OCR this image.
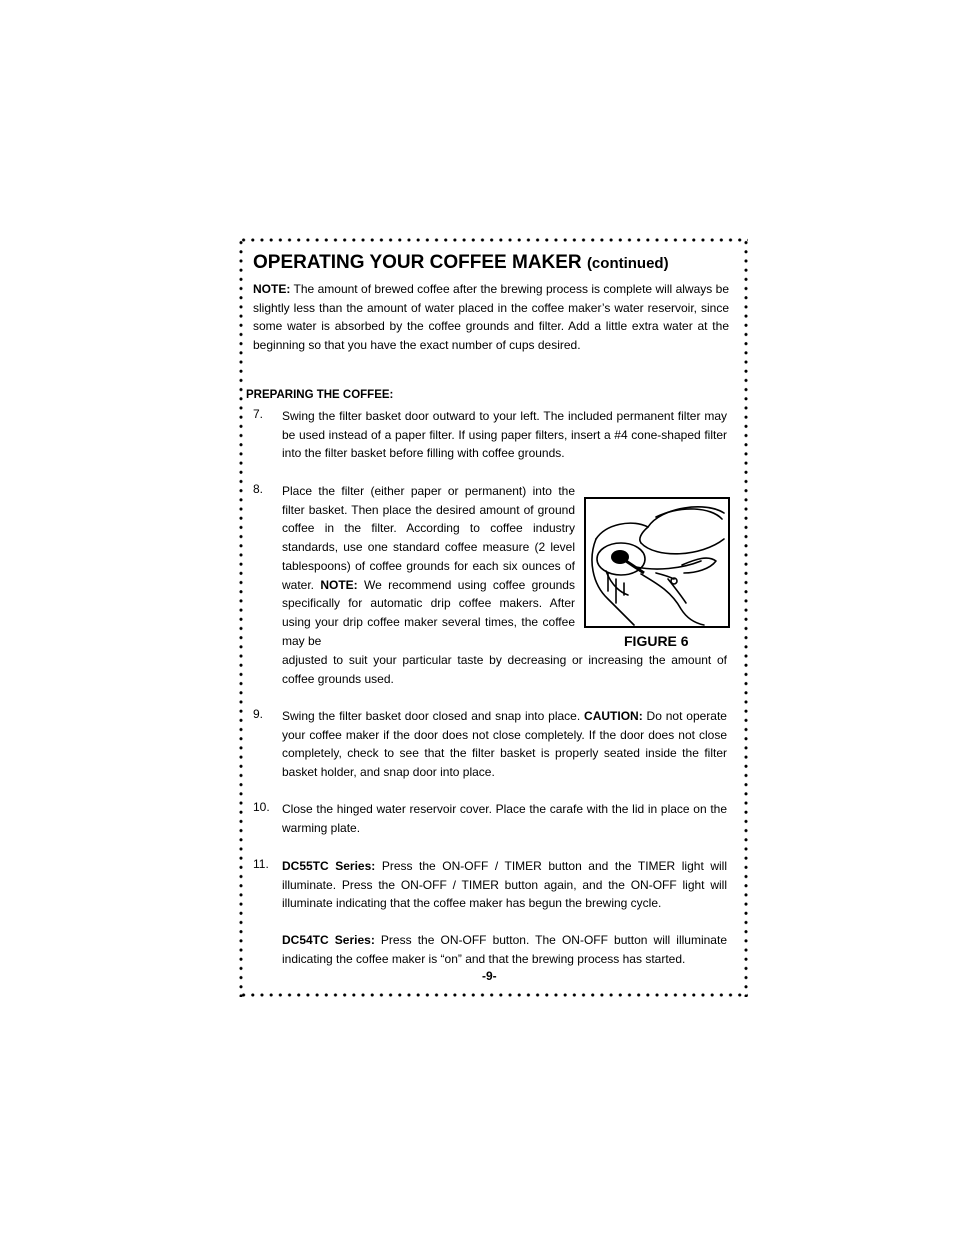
OPERATING YOUR COFFEE MAKER (continued)
NOTE: The amount of brewed coffee after the brewing process is complete will always be slightly less than the amount of water placed in the coffee maker’s water reservoir, since some water is absorbed by the coffee grounds and filter. Add a little extra water at the beginning so that you have the exact number of cups desired.
PREPARING THE COFFEE:
7. Swing the filter basket door outward to your left. The included permanent filter may be used instead of a paper filter. If using paper filters, insert a #4 cone-shaped filter into the filter basket before filling with coffee grounds.
8. Place the filter (either paper or permanent) into the filter basket. Then place the desired amount of ground coffee in the filter. According to coffee industry standards, use one standard coffee measure (2 level tablespoons) of coffee grounds for each six ounces of water. NOTE: We recommend using coffee grounds specifically for automatic drip coffee makers. After using your drip coffee maker several times, the coffee may be
adjusted to suit your particular taste by decreasing or increasing the amount of coffee grounds used.
FIGURE 6
9. Swing the filter basket door closed and snap into place. CAUTION: Do not operate your coffee maker if the door does not close completely. If the door does not close completely, check to see that the filter basket is properly seated inside the filter basket holder, and snap door into place.
10. Close the hinged water reservoir cover. Place the carafe with the lid in place on the warming plate.
11. DC55TC Series: Press the ON-OFF / TIMER button and the TIMER light will illuminate. Press the ON-OFF / TIMER button again, and the ON-OFF light will illuminate indicating that the coffee maker has begun the brewing cycle.
DC54TC Series: Press the ON-OFF button. The ON-OFF button will illuminate indicating the coffee maker is “on” and that the brewing process has started.
-9-
